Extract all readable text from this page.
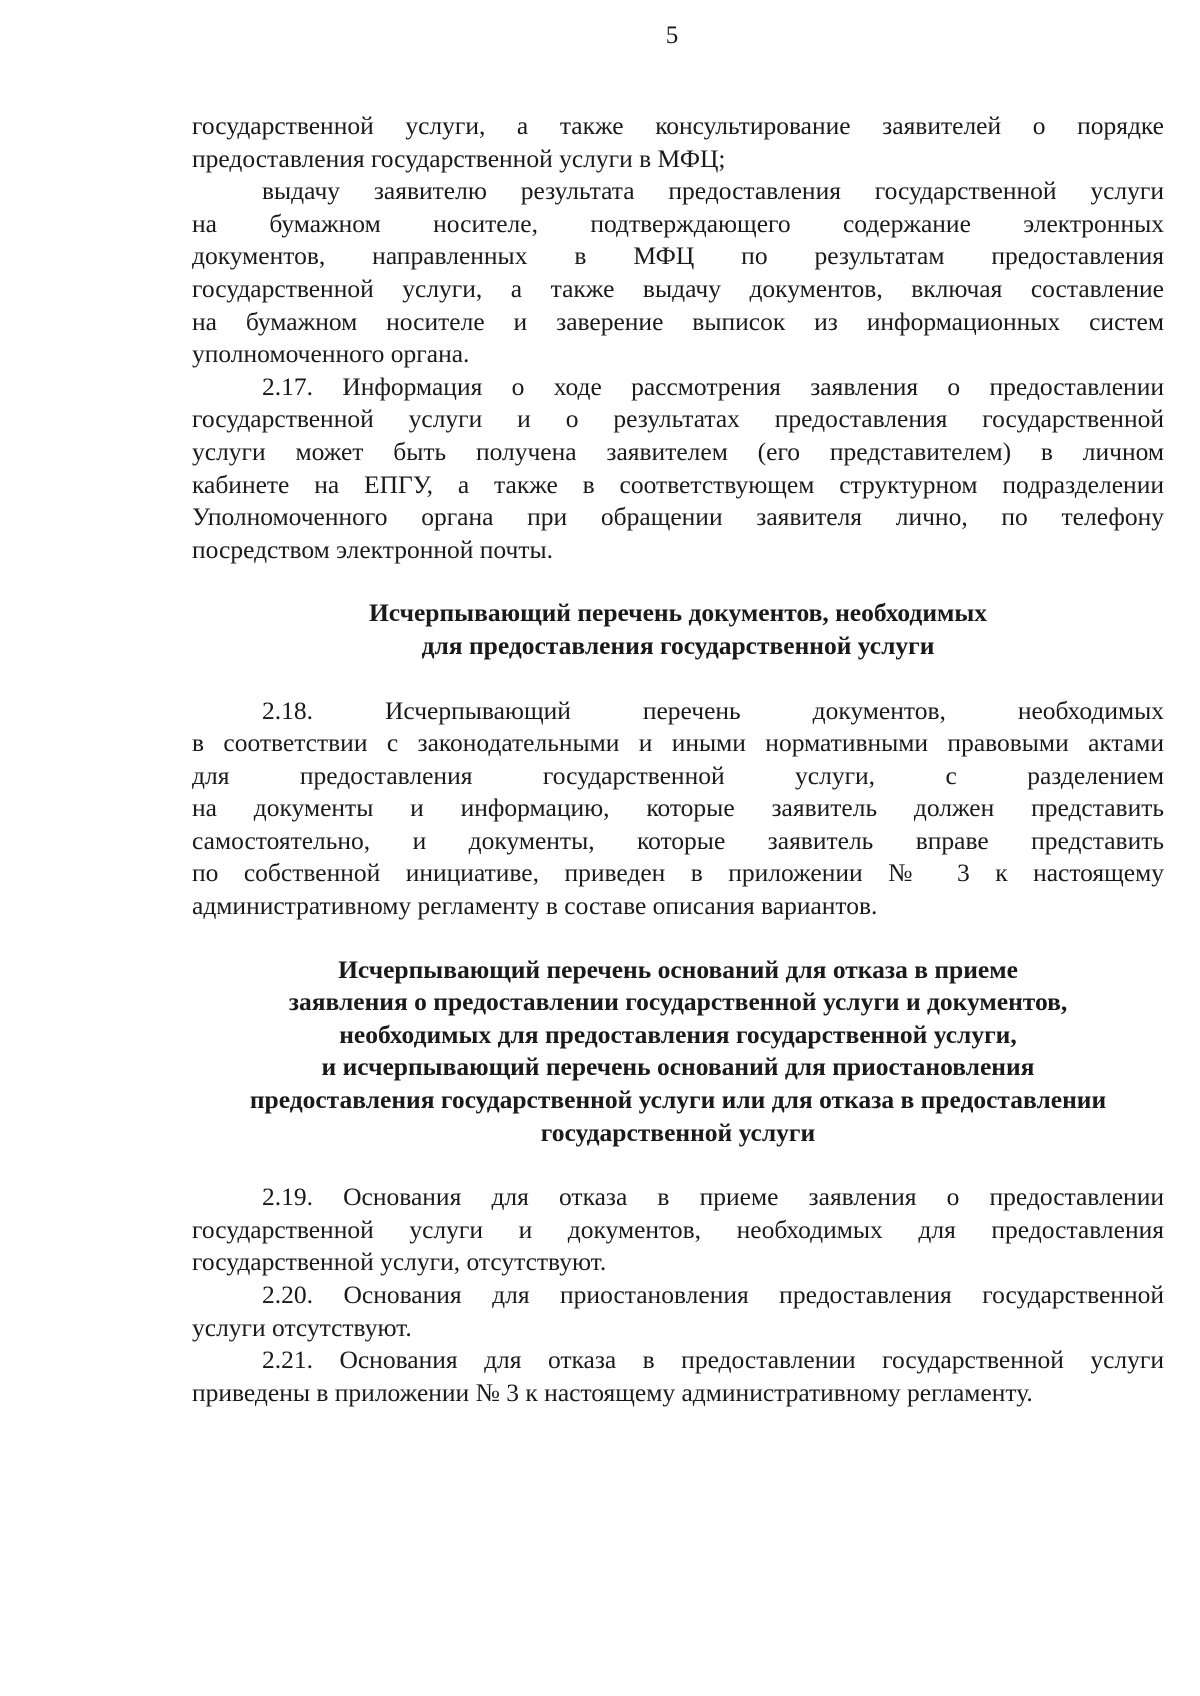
5
государственной услуги, а также консультирование заявителей о порядке
предоставления государственной услуги в МФЦ;
выдачу заявителю результата предоставления государственной услуги
на бумажном носителе, подтверждающего содержание электронных
документов, направленных в МФЦ по результатам предоставления
государственной услуги, а также выдачу документов, включая составление
на бумажном носителе и заверение выписок из информационных систем
уполномоченного органа.
2.17. Информация о ходе рассмотрения заявления о предоставлении
государственной услуги и о результатах предоставления государственной
услуги может быть получена заявителем (его представителем) в личном
кабинете на ЕПГУ, а также в соответствующем структурном подразделении
Уполномоченного органа при обращении заявителя лично, по телефону
посредством электронной почты.
Исчерпывающий перечень документов, необходимых
для предоставления государственной услуги
2.18. Исчерпывающий перечень документов, необходимых
в соответствии с законодательными и иными нормативными правовыми актами
для предоставления государственной услуги, с разделением
на документы и информацию, которые заявитель должен представить
самостоятельно, и документы, которые заявитель вправе представить
по собственной инициативе, приведен в приложении № 3 к настоящему
административному регламенту в составе описания вариантов.
Исчерпывающий перечень оснований для отказа в приеме
заявления о предоставлении государственной услуги и документов,
необходимых для предоставления государственной услуги,
и исчерпывающий перечень оснований для приостановления
предоставления государственной услуги или для отказа в предоставлении
государственной услуги
2.19. Основания для отказа в приеме заявления о предоставлении
государственной услуги и документов, необходимых для предоставления
государственной услуги, отсутствуют.
2.20. Основания для приостановления предоставления государственной
услуги отсутствуют.
2.21. Основания для отказа в предоставлении государственной услуги
приведены в приложении № 3 к настоящему административному регламенту.
